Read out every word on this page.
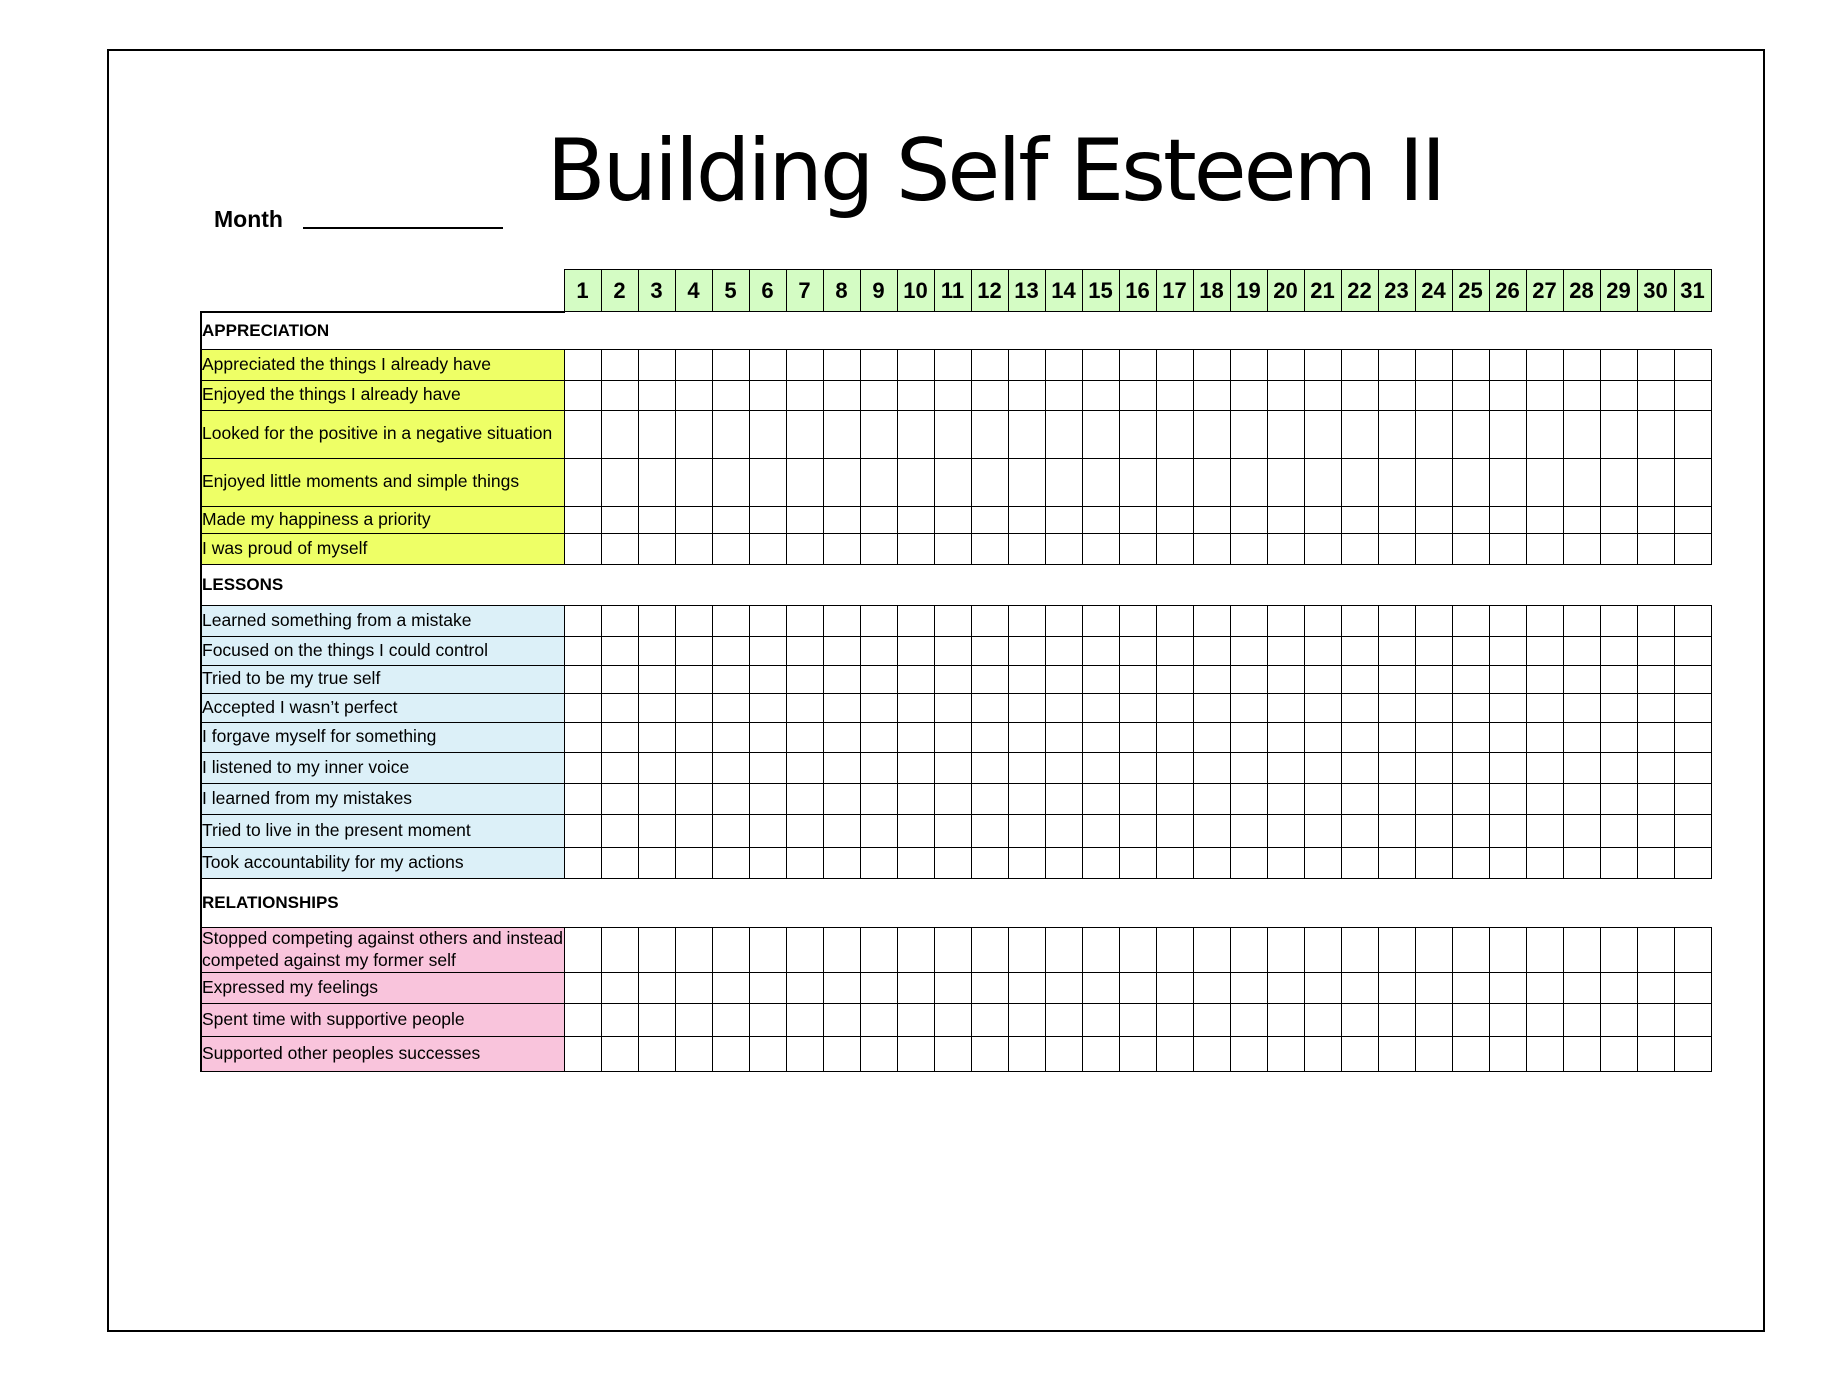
Building Self Esteem II
Month
	1	2	3	4	5	6	7	8	9	10	11	12	13	14	15	16	17	18	19	20	21	22	23	24	25	26	27	28	29	30	31
APPRECIATION																															
Appreciated the things I already have																															
Enjoyed the things I already have																															
Looked for the positive in a negative situation																															
Enjoyed little moments and simple things																															
Made my happiness a priority																															
I was proud of myself																															
LESSONS																															
Learned something from a mistake																															
Focused on the things I could control																															
Tried to be my true self																															
Accepted I wasn’t perfect																															
I forgave myself for something																															
I listened to my inner voice																															
I learned from my mistakes																															
Tried to live in the present moment																															
Took accountability for my actions																															
RELATIONSHIPS																															
Stopped competing against others and instead competed against my former self																															
Expressed my feelings																															
Spent time with supportive people																															
Supported other peoples successes																															
